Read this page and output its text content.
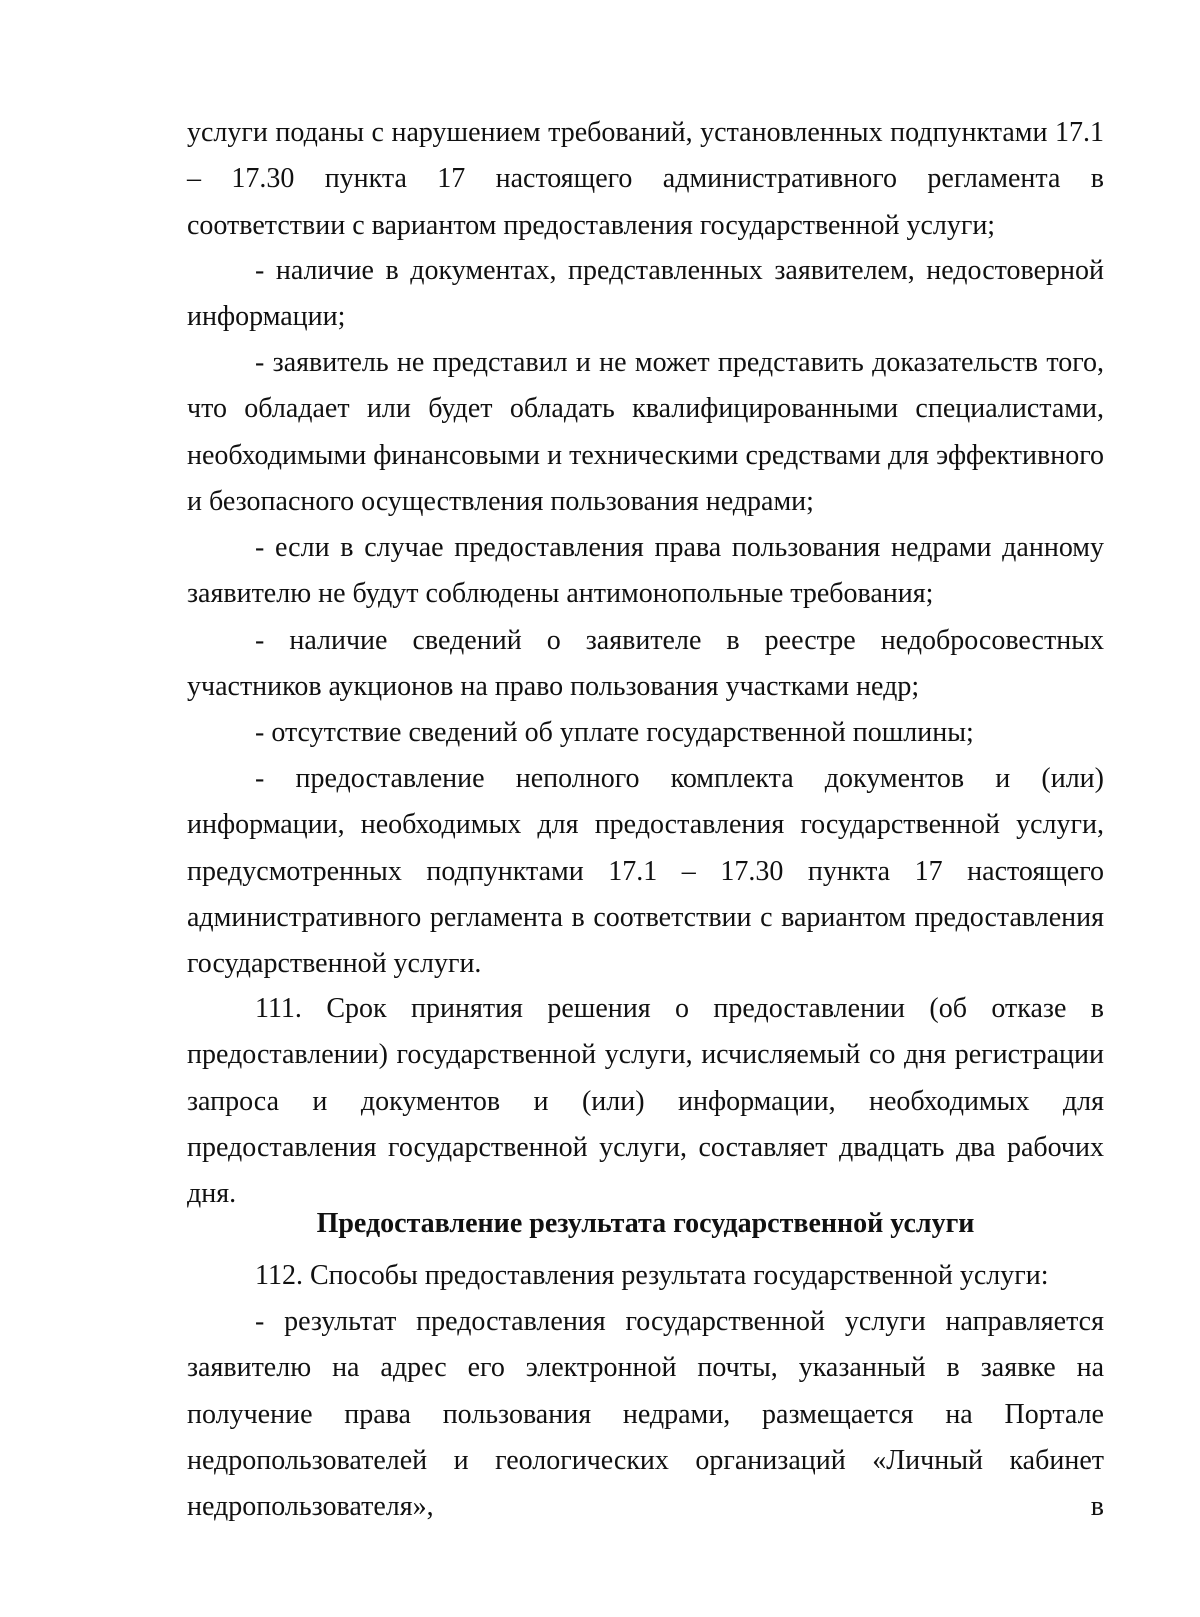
услуги поданы с нарушением требований, установленных подпунктами 17.1 – 17.30 пункта 17 настоящего административного регламента в соответствии с вариантом предоставления государственной услуги;

- наличие в документах, представленных заявителем, недостоверной информации;

- заявитель не представил и не может представить доказательств того, что обладает или будет обладать квалифицированными специалистами, необходимыми финансовыми и техническими средствами для эффективного и безопасного осуществления пользования недрами;

- если в случае предоставления права пользования недрами данному заявителю не будут соблюдены антимонопольные требования;

- наличие сведений о заявителе в реестре недобросовестных участников аукционов на право пользования участками недр;

- отсутствие сведений об уплате государственной пошлины;

- предоставление неполного комплекта документов и (или) информации, необходимых для предоставления государственной услуги, предусмотренных подпунктами 17.1 – 17.30 пункта 17 настоящего административного регламента в соответствии с вариантом предоставления государственной услуги.

111. Срок принятия решения о предоставлении (об отказе в предоставлении) государственной услуги, исчисляемый со дня регистрации запроса и документов и (или) информации, необходимых для предоставления государственной услуги, составляет двадцать два рабочих дня.

Предоставление результата государственной услуги

112. Способы предоставления результата государственной услуги:

- результат предоставления государственной услуги направляется заявителю на адрес его электронной почты, указанный в заявке на получение права пользования недрами, размещается на Портале недропользователей и геологических организаций «Личный кабинет недропользователя», в
